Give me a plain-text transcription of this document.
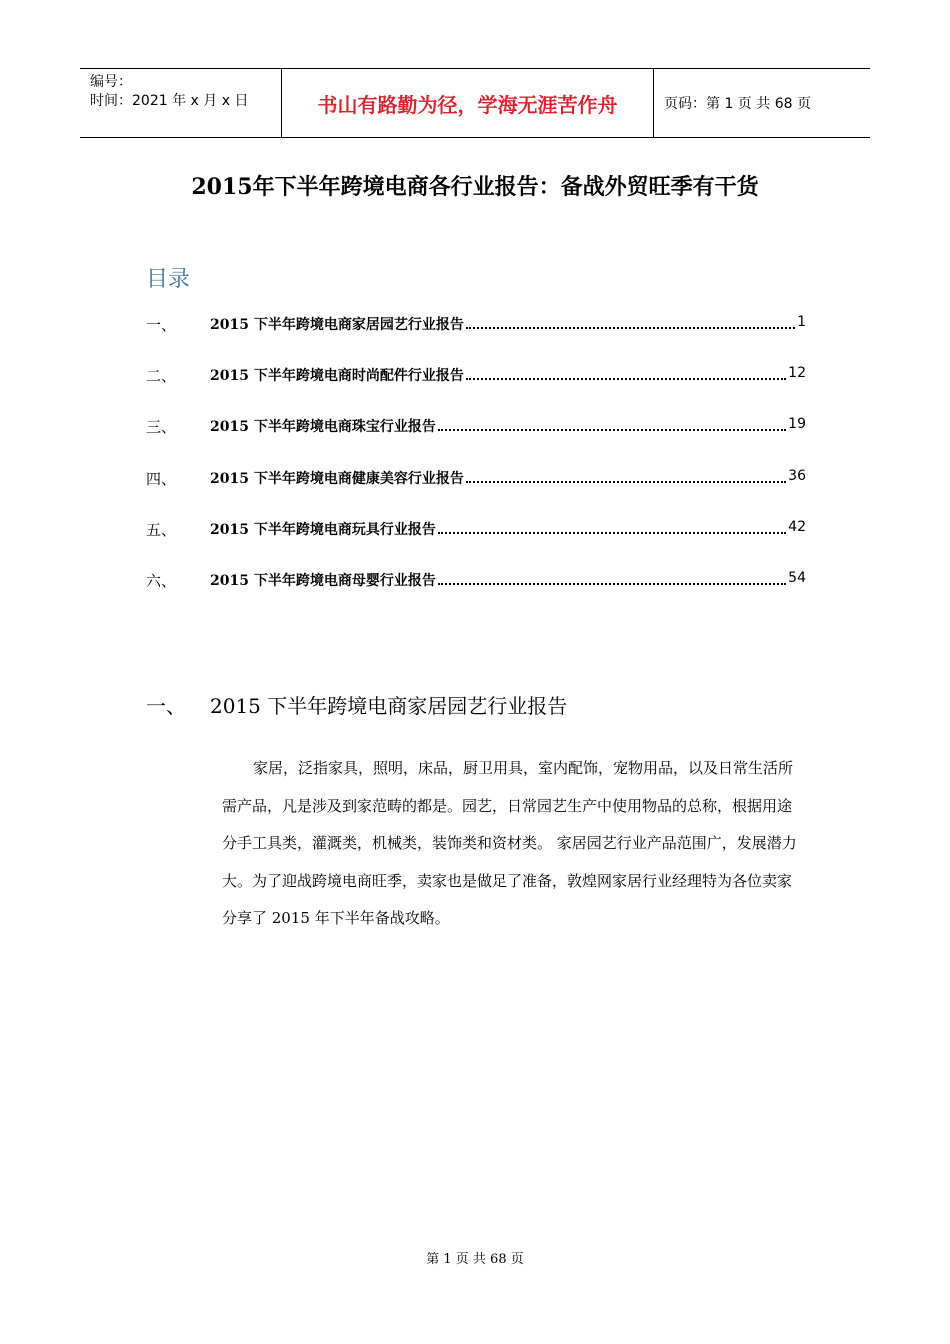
编号：
时间：2021 年 x 月 x 日	书山有路勤为径，学海无涯苦作舟	页码：第 1 页 共 68 页
2015年下半年跨境电商各行业报告：备战外贸旺季有干货
目录
一、	2015 下半年跨境电商家居园艺行业报告	1
二、	2015 下半年跨境电商时尚配件行业报告	12
三、	2015 下半年跨境电商珠宝行业报告	19
四、	2015 下半年跨境电商健康美容行业报告	36
五、	2015 下半年跨境电商玩具行业报告	42
六、	2015 下半年跨境电商母婴行业报告	54
一、	2015 下半年跨境电商家居园艺行业报告
家居，泛指家具，照明，床品，厨卫用具，室内配饰，宠物用品，以及日常生活所需产品，凡是涉及到家范畴的都是。园艺，日常园艺生产中使用物品的总称，根据用途分手工具类，灌溉类，机械类，装饰类和资材类。 家居园艺行业产品范围广，发展潜力大。为了迎战跨境电商旺季，卖家也是做足了准备，敦煌网家居行业经理特为各位卖家分享了 2015 年下半年备战攻略。
第 1 页 共 68 页
